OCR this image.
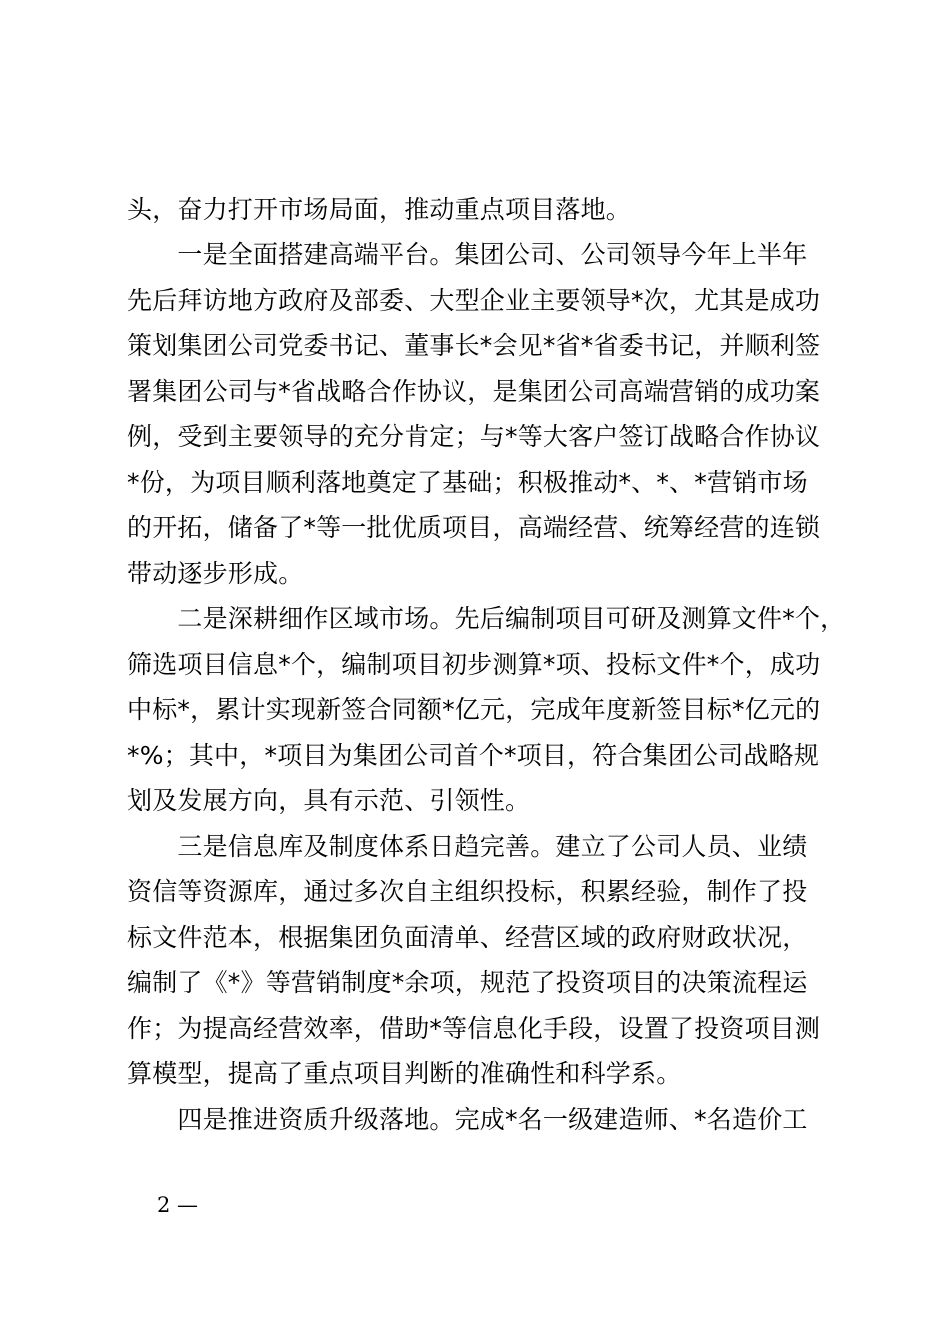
头，奋力打开市场局面，推动重点项目落地。
　　一是全面搭建高端平台。集团公司、公司领导今年上半年
先后拜访地方政府及部委、大型企业主要领导*次，尤其是成功
策划集团公司党委书记、董事长*会见*省*省委书记，并顺利签
署集团公司与*省战略合作协议，是集团公司高端营销的成功案
例，受到主要领导的充分肯定；与*等大客户签订战略合作协议
*份，为项目顺利落地奠定了基础；积极推动*、*、*营销市场
的开拓，储备了*等一批优质项目，高端经营、统筹经营的连锁
带动逐步形成。
　　二是深耕细作区域市场。先后编制项目可研及测算文件*个，
筛选项目信息*个，编制项目初步测算*项、投标文件*个，成功
中标*，累计实现新签合同额*亿元，完成年度新签目标*亿元的
*%；其中，*项目为集团公司首个*项目，符合集团公司战略规
划及发展方向，具有示范、引领性。
　　三是信息库及制度体系日趋完善。建立了公司人员、业绩
资信等资源库，通过多次自主组织投标，积累经验，制作了投
标文件范本，根据集团负面清单、经营区域的政府财政状况，
编制了《*》等营销制度*余项，规范了投资项目的决策流程运
作；为提高经营效率，借助*等信息化手段，设置了投资项目测
算模型，提高了重点项目判断的准确性和科学系。
　　四是推进资质升级落地。完成*名一级建造师、*名造价工
2 —
